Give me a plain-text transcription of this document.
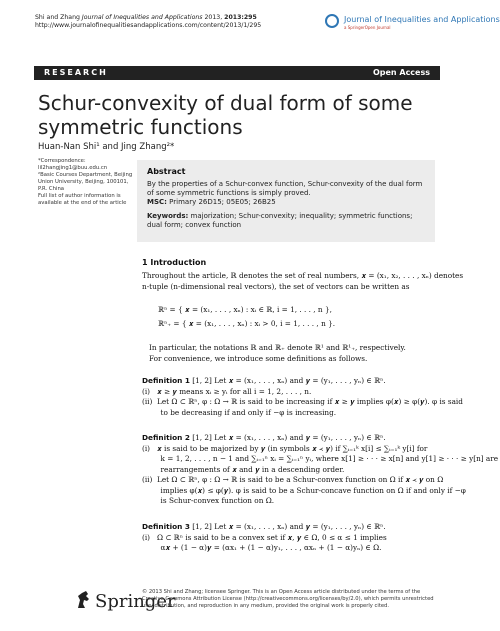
Shi and Zhang Journal of Inequalities and Applications 2013, 2013:295
http://www.journalofinequalitiesandapplications.com/content/2013/1/295
Journal of Inequalities and Applications
a SpringerOpen Journal
RESEARCH	Open Access
Schur-convexity of dual form of some symmetric functions
Huan-Nan Shi¹ and Jing Zhang²*
*Correspondence:
lil2hangjing1@buu.edu.cn
²Basic Courses Department, Beijing
Union University, Beijing, 100101,
P.R. China
Full list of author information is
available at the end of the article
Abstract
By the properties of a Schur-convex function, Schur-convexity of the dual form of some symmetric functions is simply proved.
MSC: Primary 26D15; 05E05; 26B25
Keywords: majorization; Schur-convexity; inequality; symmetric functions; dual form; convex function
1 Introduction
Throughout the article, ℝ denotes the set of real numbers, 𝒙 = (x₁, x₂, . . . , xₙ) denotes
n-tuple (n-dimensional real vectors), the set of vectors can be written as
ℝⁿ = { 𝒙 = (x₁, . . . , xₙ) : xᵢ ∈ ℝ, i = 1, . . . , n },
ℝⁿ₊ = { 𝒙 = (x₁, . . . , xₙ) : xᵢ > 0, i = 1, . . . , n }.
In particular, the notations ℝ and ℝ₊ denote ℝ¹ and ℝ¹₊, respectively.
For convenience, we introduce some definitions as follows.
Definition 1 [1, 2] Let 𝒙 = (x₁, . . . , xₙ) and 𝒚 = (y₁, . . . , yₙ) ∈ ℝⁿ.
(i)   𝒙 ≥ 𝒚 means xᵢ ≥ yᵢ for all i = 1, 2, . . . , n.
(ii)  Let Ω ⊂ ℝⁿ, φ : Ω → ℝ is said to be increasing if 𝒙 ≥ 𝒚 implies φ(𝒙) ≥ φ(𝒚). φ is said
to be decreasing if and only if −φ is increasing.
Definition 2 [1, 2] Let 𝒙 = (x₁, . . . , xₙ) and 𝒚 = (y₁, . . . , yₙ) ∈ ℝⁿ.
(i)   𝒙 is said to be majorized by 𝒚 (in symbols 𝒙 ≺ 𝒚) if ∑ᵢ₌₁ᵏ x[i] ≤ ∑ᵢ₌₁ᵏ y[i] for
k = 1, 2, . . . , n − 1 and ∑ᵢ₌₁ⁿ xᵢ = ∑ᵢ₌₁ⁿ yᵢ, where x[1] ≥ · · · ≥ x[n] and y[1] ≥ · · · ≥ y[n] are
rearrangements of 𝒙 and 𝒚 in a descending order.
(ii)  Let Ω ⊂ ℝⁿ, φ : Ω → ℝ is said to be a Schur-convex function on Ω if 𝒙 ≺ 𝒚 on Ω
implies φ(𝒙) ≤ φ(𝒚). φ is said to be a Schur-concave function on Ω if and only if −φ
is Schur-convex function on Ω.
Definition 3 [1, 2] Let 𝒙 = (x₁, . . . , xₙ) and 𝒚 = (y₁, . . . , yₙ) ∈ ℝⁿ.
(i)   Ω ⊂ ℝⁿ is said to be a convex set if 𝒙, 𝒚 ∈ Ω, 0 ≤ α ≤ 1 implies
α𝒙 + (1 − α)𝒚 = (αx₁ + (1 − α)y₁, . . . , αxₙ + (1 − α)yₙ) ∈ Ω.
Springer
© 2013 Shi and Zhang; licensee Springer. This is an Open Access article distributed under the terms of the Creative Commons Attribution License (http://creativecommons.org/licenses/by/2.0), which permits unrestricted use, distribution, and reproduction in any medium, provided the original work is properly cited.
